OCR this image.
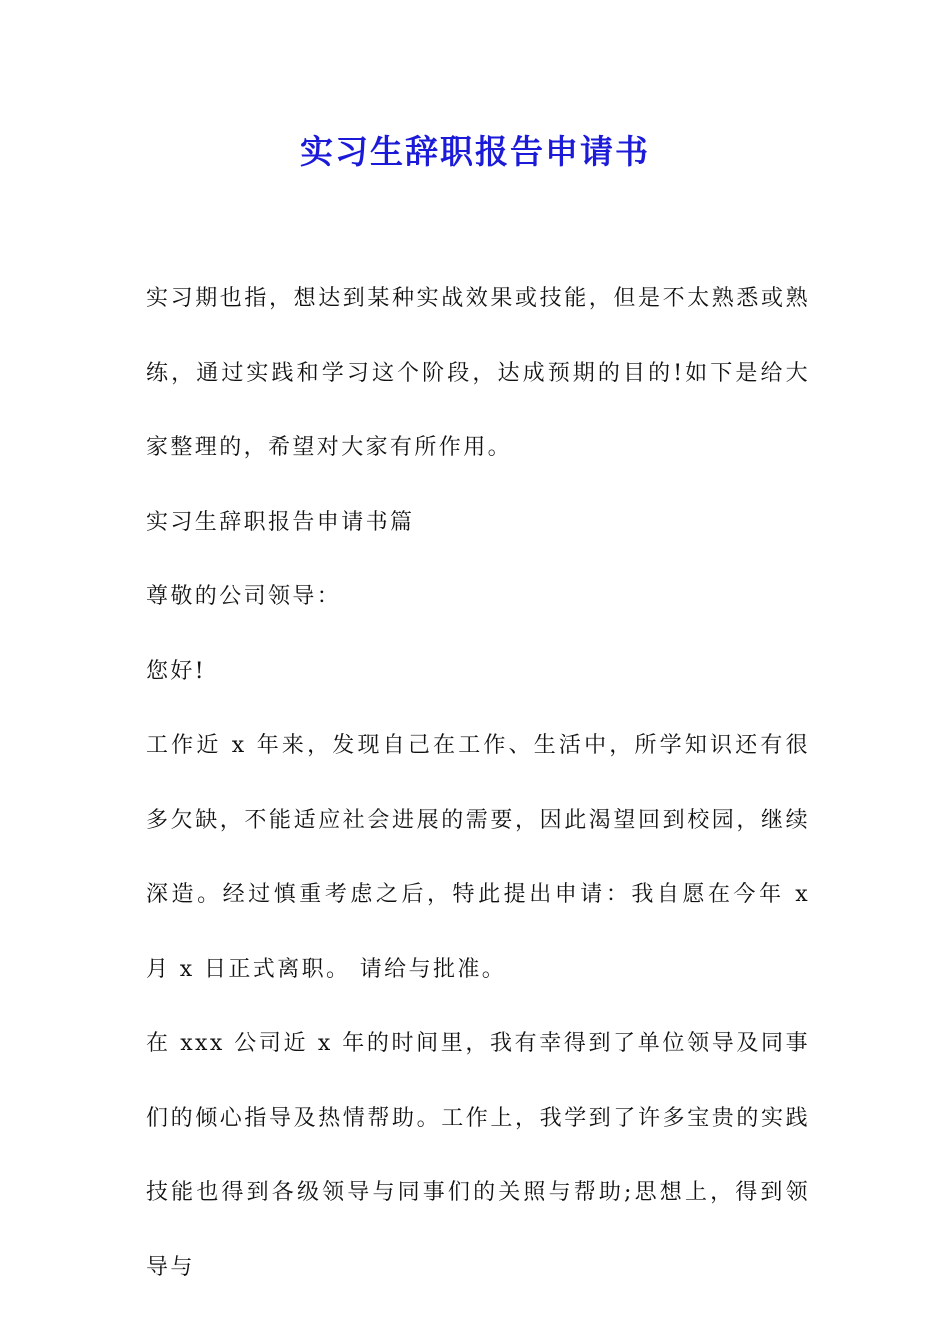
实习生辞职报告申请书

实习期也指，想达到某种实战效果或技能，但是不太熟悉或熟练，通过实践和学习这个阶段，达成预期的目的!如下是给大家整理的，希望对大家有所作用。

实习生辞职报告申请书篇

尊敬的公司领导：

您好!

工作近 x 年来，发现自己在工作、生活中，所学知识还有很多欠缺，不能适应社会进展的需要，因此渴望回到校园，继续深造。经过慎重考虑之后，特此提出申请：我自愿在今年 x 月 x 日正式离职。 请给与批准。

在 xxx 公司近 x 年的时间里，我有幸得到了单位领导及同事们的倾心指导及热情帮助。工作上，我学到了许多宝贵的实践技能也得到各级领导与同事们的关照与帮助;思想上，得到领导与
